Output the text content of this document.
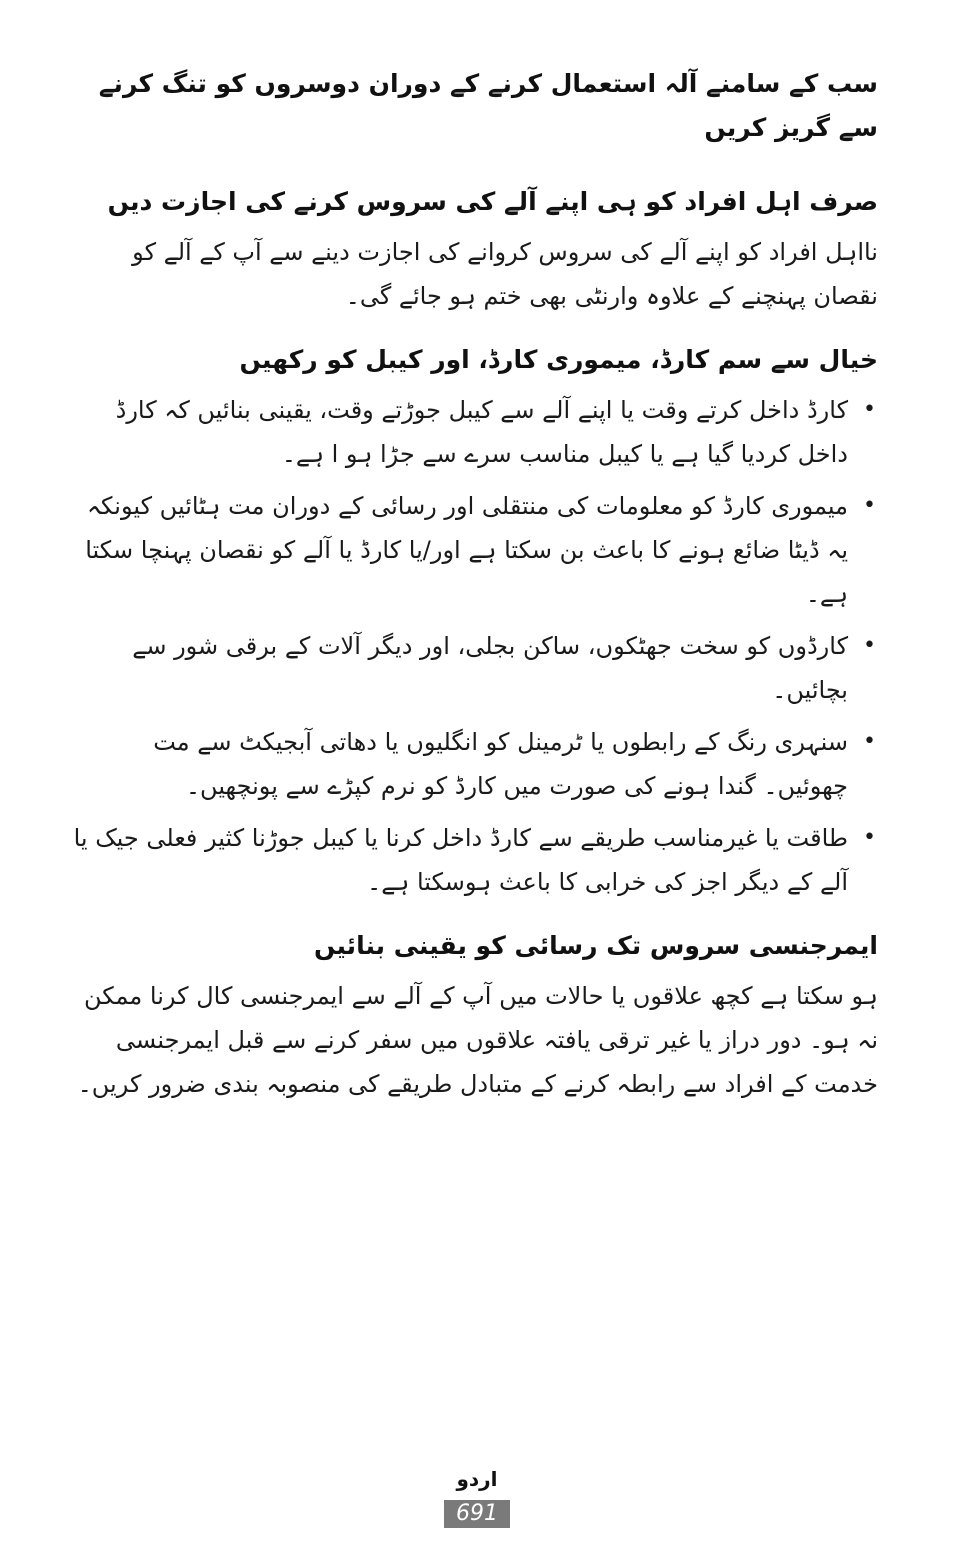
سب کے سامنے آلہ استعمال کرنے کے دوران دوسروں کو تنگ کرنے سے گریز کریں

صرف اہل افراد کو ہی اپنے آلے کی سروس کرنے کی اجازت دیں

نااہل افراد کو اپنے آلے کی سروس کروانے کی اجازت دینے سے آپ کے آلے کو نقصان پہنچنے کے علاوہ وارنٹی بھی ختم ہو جائے گی۔

خیال سے سم کارڈ، میموری کارڈ، اور کیبل کو رکھیں

•
کارڈ داخل کرتے وقت یا اپنے آلے سے کیبل جوڑتے وقت، یقینی بنائیں کہ کارڈ داخل کردیا گیا ہے یا کیبل مناسب سرے سے جڑا ہو ا ہے۔
•
میموری کارڈ کو معلومات کی منتقلی اور رسائی کے دوران مت ہٹائیں کیونکہ یہ ڈیٹا ضائع ہونے کا باعث بن سکتا ہے اور/یا کارڈ یا آلے کو نقصان پہنچا سکتا ہے۔
•
کارڈوں کو سخت جھٹکوں، ساکن بجلی، اور دیگر آلات کے برقی شور سے بچائیں۔
•
سنہری رنگ کے رابطوں یا ٹرمینل کو انگلیوں یا دھاتی آبجیکٹ سے مت چھوئیں۔ گندا ہونے کی صورت میں کارڈ کو نرم کپڑے سے پونچھیں۔
•
طاقت یا غیرمناسب طریقے سے کارڈ داخل کرنا یا کیبل جوڑنا کثیر فعلی جیک یا آلے کے دیگر اجز کی خرابی کا باعث ہوسکتا ہے۔

ایمرجنسی سروس تک رسائی کو یقینی بنائیں

ہو سکتا ہے کچھ علاقوں یا حالات میں آپ کے آلے سے ایمرجنسی کال کرنا ممکن نہ ہو۔ دور دراز یا غیر ترقی یافتہ علاقوں میں سفر کرنے سے قبل ایمرجنسی خدمت کے افراد سے رابطہ کرنے کے متبادل طریقے کی منصوبہ بندی ضرور کریں۔

اردو
691
